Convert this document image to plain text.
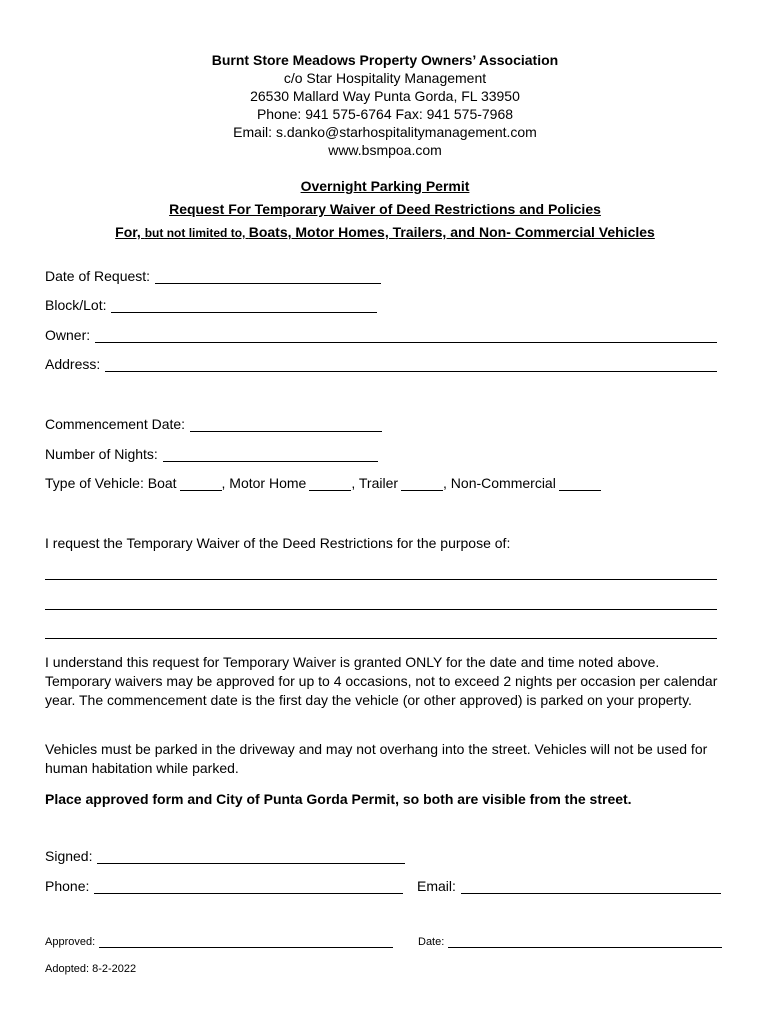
Burnt Store Meadows Property Owners’ Association
c/o Star Hospitality Management
26530 Mallard Way Punta Gorda, FL 33950
Phone: 941 575-6764 Fax: 941 575-7968
Email: s.danko@starhospitalitymanagement.com
www.bsmpoa.com
Overnight Parking Permit
Request For Temporary Waiver of Deed Restrictions and Policies
For, but not limited to, Boats, Motor Homes, Trailers, and Non- Commercial Vehicles
Date of Request:
Block/Lot:
Owner:
Address:
Commencement Date:
Number of Nights:
Type of Vehicle: Boat	, Motor Home	, Trailer	, Non-Commercial
I request the Temporary Waiver of the Deed Restrictions for the purpose of:
I understand this request for Temporary Waiver is granted ONLY for the date and time noted above. Temporary waivers may be approved for up to 4 occasions, not to exceed 2 nights per occasion per calendar year. The commencement date is the first day the vehicle (or other approved) is parked on your property.
Vehicles must be parked in the driveway and may not overhang into the street. Vehicles will not be used for human habitation while parked.
Place approved form and City of Punta Gorda Permit, so both are visible from the street.
Signed:
Phone:	Email:
Approved:	Date:
Adopted: 8-2-2022
